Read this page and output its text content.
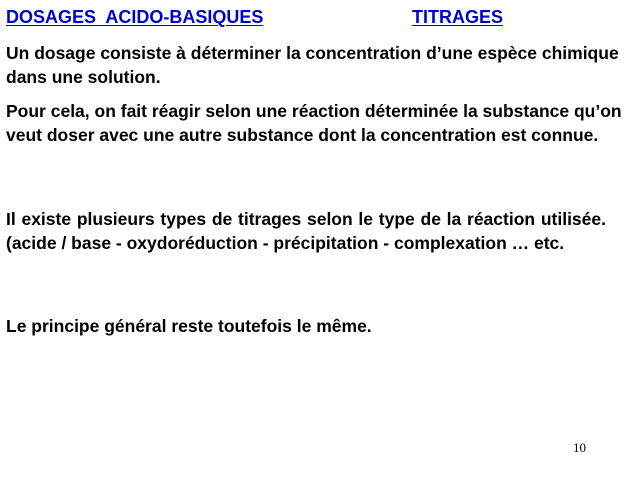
DOSAGES  ACIDO-BASIQUES	TITRAGES

Un dosage consiste à déterminer la concentration d’une espèce chimique dans une solution.

Pour cela, on fait réagir selon une réaction déterminée la substance qu’on veut doser avec une autre substance dont la concentration est connue.

Il existe plusieurs types de titrages selon le type de la réaction utilisée. (acide / base - oxydoréduction - précipitation - complexation … etc.

Le principe général reste toutefois le même.

10
